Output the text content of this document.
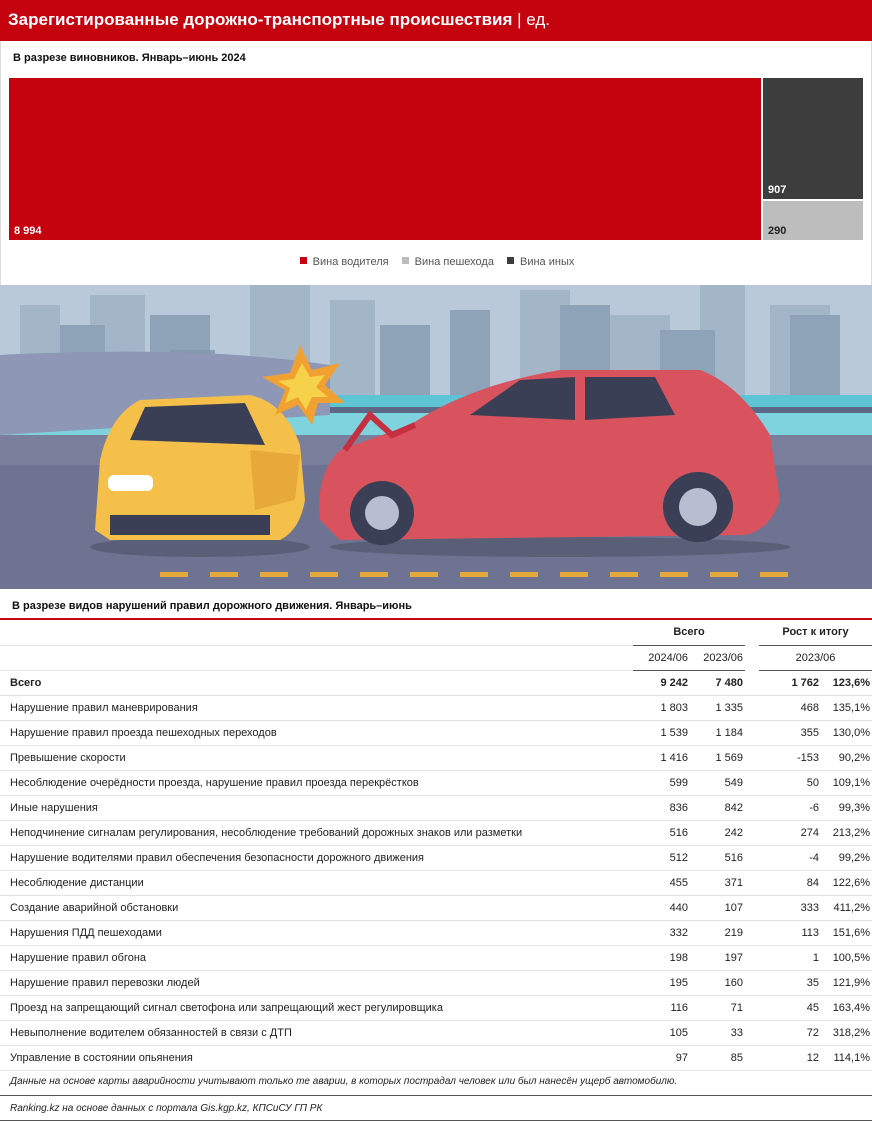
Зарегистированные дорожно-транспортные происшествия | ед.
В разрезе виновников. Январь–июнь 2024
8 994
907
290
Вина водителя Вина пешехода Вина иных
В разрезе видов нарушений правил дорожного движения. Январь–июнь
	Всего			Рост к итогу	
	2024/06	2023/06		2023/06	
Всего	9 242	7 480		1 762	123,6%
Нарушение правил маневрирования	1 803	1 335		468	135,1%
Нарушение правил проезда пешеходных переходов	1 539	1 184		355	130,0%
Превышение скорости	1 416	1 569		-153	90,2%
Несоблюдение очерёдности проезда, нарушение правил проезда перекрёстков	599	549		50	109,1%
Иные нарушения	836	842		-6	99,3%
Неподчинение сигналам регулирования, несоблюдение требований дорожных знаков или разметки	516	242		274	213,2%
Нарушение водителями правил обеспечения безопасности дорожного движения	512	516		-4	99,2%
Несоблюдение дистанции	455	371		84	122,6%
Создание аварийной обстановки	440	107		333	411,2%
Нарушения ПДД пешеходами	332	219		113	151,6%
Нарушение правил обгона	198	197		1	100,5%
Нарушение правил перевозки людей	195	160		35	121,9%
Проезд на запрещающий сигнал светофона или запрещающий жест регулировщика	116	71		45	163,4%
Невыполнение водителем обязанностей в связи с ДТП	105	33		72	318,2%
Управление в состоянии опьянения	97	85		12	114,1%
Данные на основе карты аварийности учитывают только те аварии, в которых пострадал человек или был нанесён ущерб автомобилю.
Ranking.kz на основе данных с портала Gis.kgp.kz, КПСиСУ ГП РК
